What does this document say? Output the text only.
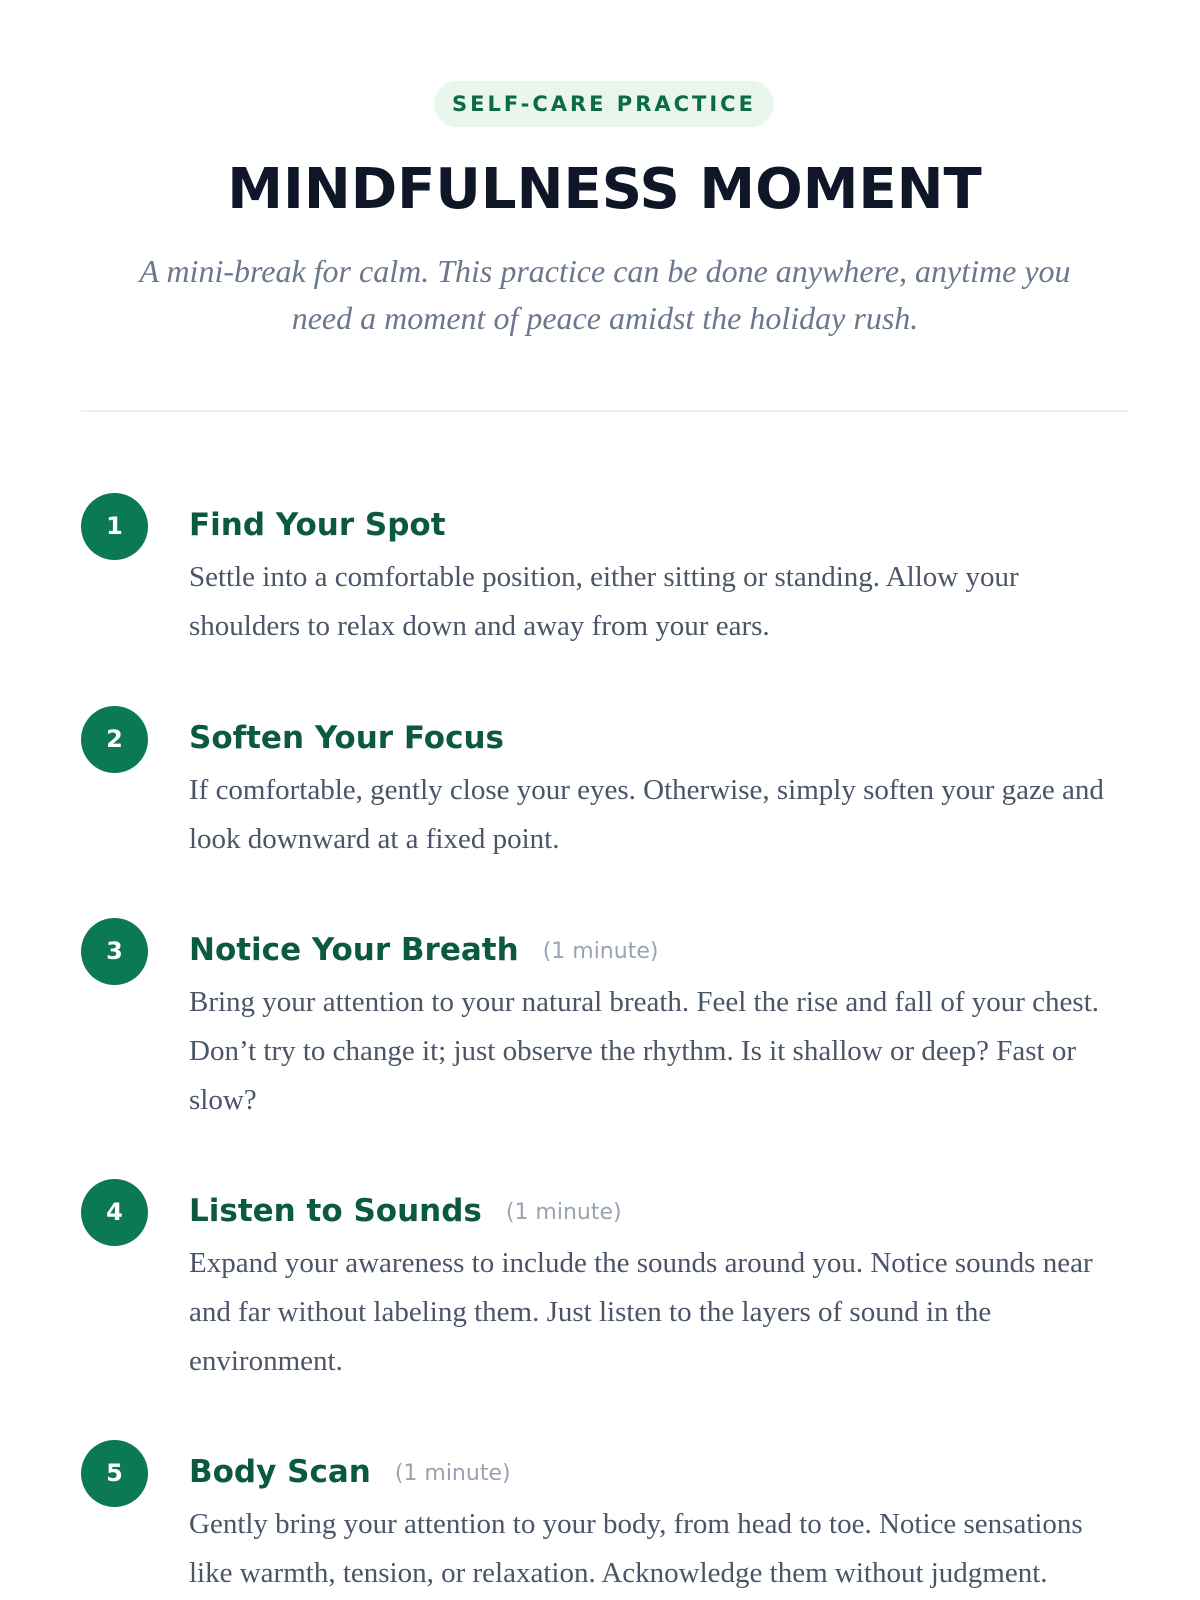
SELF-CARE PRACTICE
MINDFULNESS MOMENT

A mini-break for calm. This practice can be done anywhere, anytime you need a moment of peace amidst the holiday rush.

1	Find Your Spot

Settle into a comfortable position, either sitting or standing. Allow your shoulders to relax down and away from your ears.

2	Soften Your Focus

If comfortable, gently close your eyes. Otherwise, simply soften your gaze and look downward at a fixed point.

3	Notice Your Breath (1 minute)

Bring your attention to your natural breath. Feel the rise and fall of your chest. Don’t try to change it; just observe the rhythm. Is it shallow or deep? Fast or slow?

4	Listen to Sounds (1 minute)

Expand your awareness to include the sounds around you. Notice sounds near and far without labeling them. Just listen to the layers of sound in the environment.

5	Body Scan (1 minute)

Gently bring your attention to your body, from head to toe. Notice sensations like warmth, tension, or relaxation. Acknowledge them without judgment.
